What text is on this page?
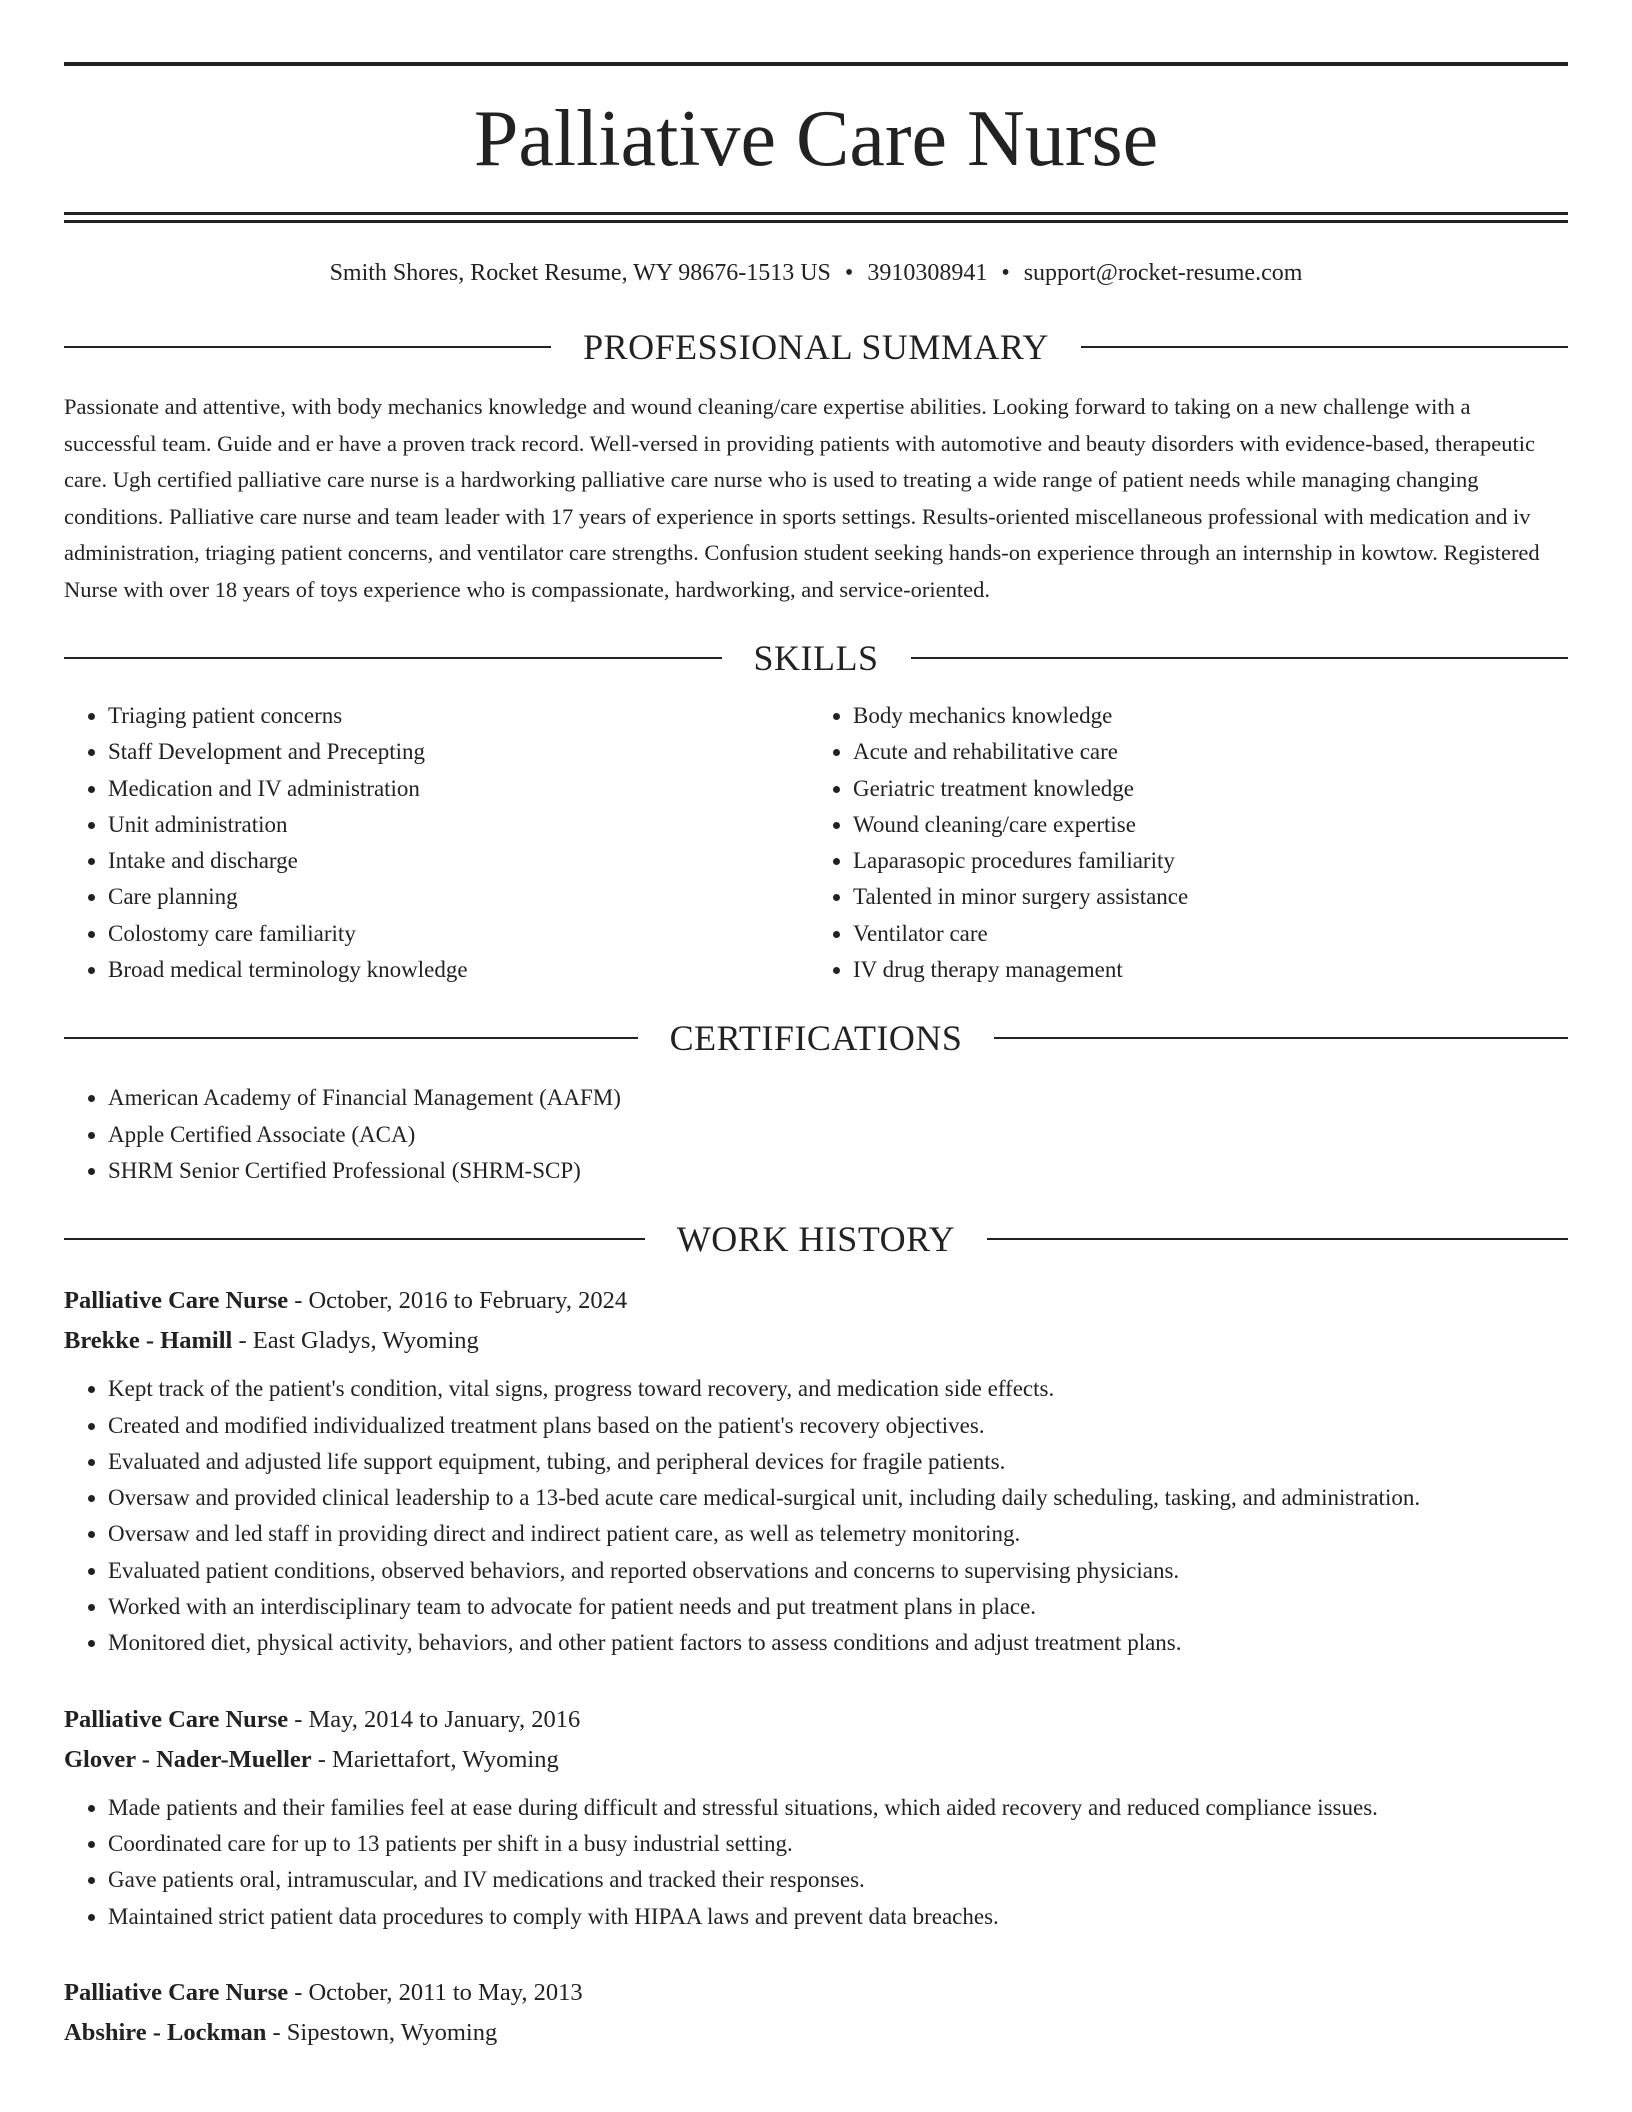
Palliative Care Nurse
Smith Shores, Rocket Resume, WY 98676-1513 US • 3910308941 • support@rocket-resume.com
PROFESSIONAL SUMMARY

Passionate and attentive, with body mechanics knowledge and wound cleaning/care expertise abilities. Looking forward to taking on a new challenge with a successful team. Guide and er have a proven track record. Well-versed in providing patients with automotive and beauty disorders with evidence-based, therapeutic care. Ugh certified palliative care nurse is a hardworking palliative care nurse who is used to treating a wide range of patient needs while managing changing conditions. Palliative care nurse and team leader with 17 years of experience in sports settings. Results-oriented miscellaneous professional with medication and iv administration, triaging patient concerns, and ventilator care strengths. Confusion student seeking hands-on experience through an internship in kowtow. Registered Nurse with over 18 years of toys experience who is compassionate, hardworking, and service-oriented.

SKILLS
• Triaging patient concerns
• Staff Development and Precepting
• Medication and IV administration
• Unit administration
• Intake and discharge
• Care planning
• Colostomy care familiarity
• Broad medical terminology knowledge
• Body mechanics knowledge
• Acute and rehabilitative care
• Geriatric treatment knowledge
• Wound cleaning/care expertise
• Laparasopic procedures familiarity
• Talented in minor surgery assistance
• Ventilator care
• IV drug therapy management
CERTIFICATIONS
• American Academy of Financial Management (AAFM)
• Apple Certified Associate (ACA)
• SHRM Senior Certified Professional (SHRM-SCP)
WORK HISTORY
Palliative Care Nurse - October, 2016 to February, 2024
Brekke - Hamill - East Gladys, Wyoming
• Kept track of the patient's condition, vital signs, progress toward recovery, and medication side effects.
• Created and modified individualized treatment plans based on the patient's recovery objectives.
• Evaluated and adjusted life support equipment, tubing, and peripheral devices for fragile patients.
• Oversaw and provided clinical leadership to a 13-bed acute care medical-surgical unit, including daily scheduling, tasking, and administration.
• Oversaw and led staff in providing direct and indirect patient care, as well as telemetry monitoring.
• Evaluated patient conditions, observed behaviors, and reported observations and concerns to supervising physicians.
• Worked with an interdisciplinary team to advocate for patient needs and put treatment plans in place.
• Monitored diet, physical activity, behaviors, and other patient factors to assess conditions and adjust treatment plans.
Palliative Care Nurse - May, 2014 to January, 2016
Glover - Nader-Mueller - Mariettafort, Wyoming
• Made patients and their families feel at ease during difficult and stressful situations, which aided recovery and reduced compliance issues.
• Coordinated care for up to 13 patients per shift in a busy industrial setting.
• Gave patients oral, intramuscular, and IV medications and tracked their responses.
• Maintained strict patient data procedures to comply with HIPAA laws and prevent data breaches.
Palliative Care Nurse - October, 2011 to May, 2013
Abshire - Lockman - Sipestown, Wyoming
